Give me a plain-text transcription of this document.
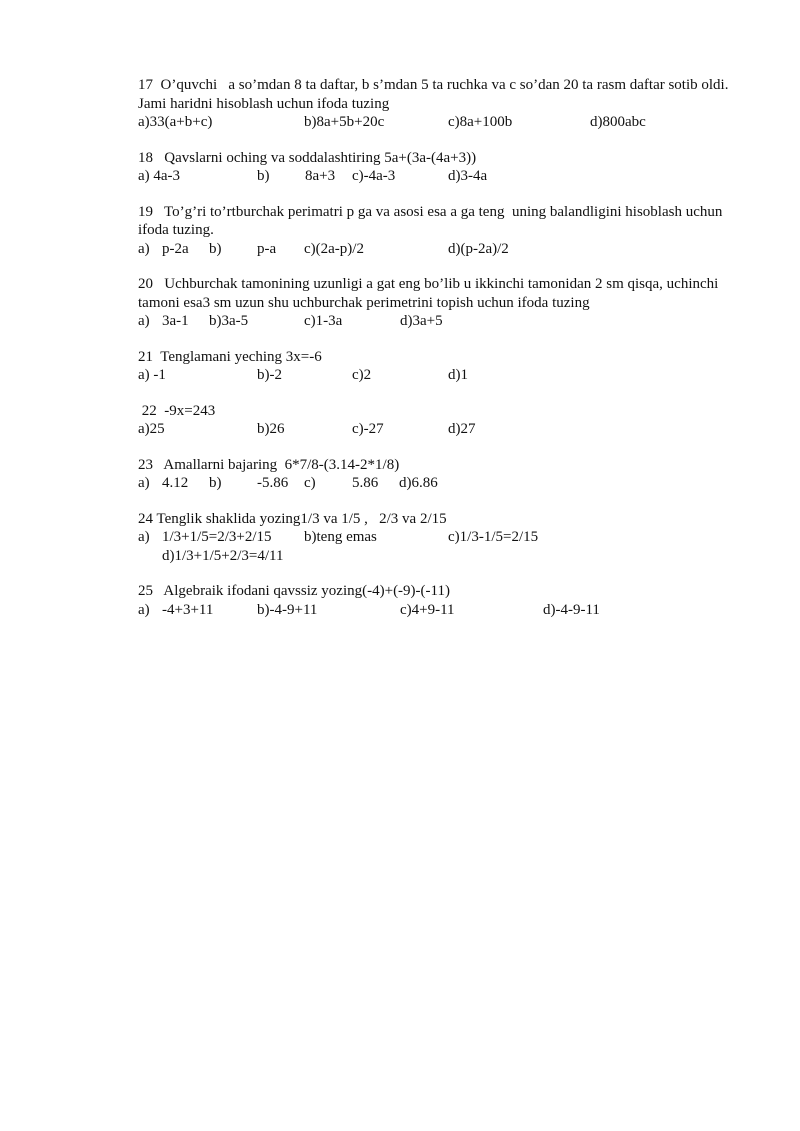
17  O’quvchi   a so’mdan 8 ta daftar, b s’mdan 5 ta ruchka va c so’dan 20 ta rasm daftar sotib oldi. Jami haridni hisoblash uchun ifoda tuzing
a)33(a+b+c)	b)8a+5b+20c	c)8a+100b	d)800abc
18   Qavslarni oching va soddalashtiring 5a+(3a-(4a+3))
a) 4a-3	b) 8a+3 c)-4a-3	d)3-4a
19   To’g’ri to’rtburchak perimatri p ga va asosi esa a ga teng  uning balandligini hisoblash uchun ifoda tuzing.
a) p-2a b) p-a c)(2a-p)/2	d)(p-2a)/2
20   Uchburchak tamonining uzunligi a gat eng bo’lib u ikkinchi tamonidan 2 sm qisqa, uchinchi tamoni esa3 sm uzun shu uchburchak perimetrini topish uchun ifoda tuzing
a) 3a-1 b)3a-5	c)1-3a	d)3a+5
21  Tenglamani yeching 3x=-6
a) -1	b)-2	c)2	d)1
22  -9x=243
a)25	b)26	c)-27	d)27
23   Amallarni bajaring  6*7/8-(3.14-2*1/8)
a) 4.12 b) -5.86 c) 5.86 d)6.86
24 Tenglik shaklida yozing1/3 va 1/5 ,   2/3 va 2/15
a) 1/3+1/5=2/3+2/15 b)teng emas	c)1/3-1/5=2/15
d)1/3+1/5+2/3=4/11
25   Algebraik ifodani qavssiz yozing(-4)+(-9)-(-11)
a) -4+3+11	b)-4-9+11	c)4+9-11	d)-4-9-11
